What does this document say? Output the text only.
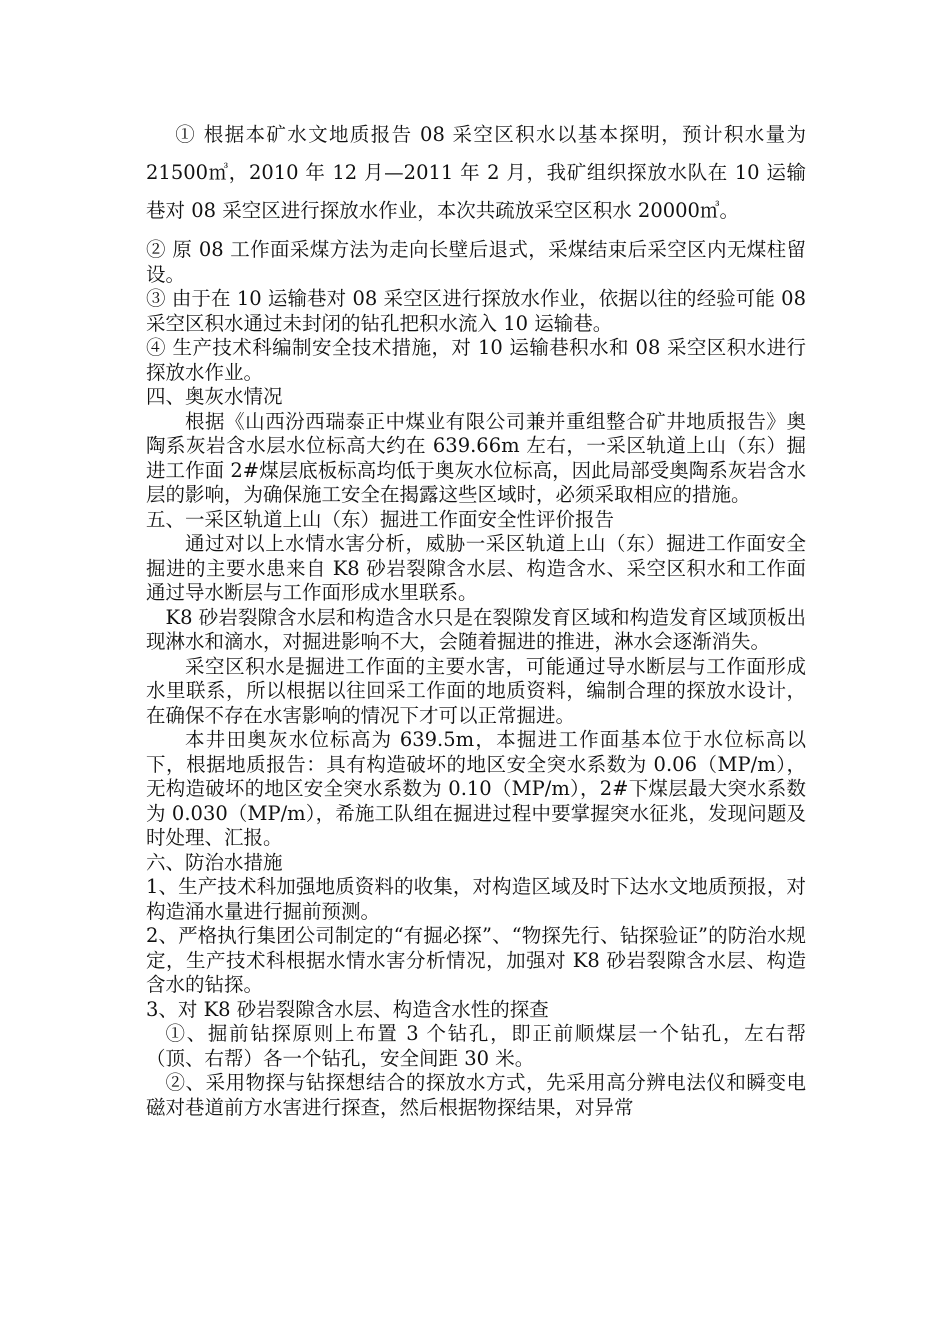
① 根据本矿水文地质报告 08 采空区积水以基本探明，预计积水量为 21500㎥，2010 年 12 月—2011 年 2 月，我矿组织探放水队在 10 运输巷对 08 采空区进行探放水作业，本次共疏放采空区积水 20000㎥。

② 原 08 工作面采煤方法为走向长壁后退式，采煤结束后采空区内无煤柱留设。

③ 由于在 10 运输巷对 08 采空区进行探放水作业，依据以往的经验可能 08 采空区积水通过未封闭的钻孔把积水流入 10 运输巷。

④ 生产技术科编制安全技术措施，对 10 运输巷积水和 08 采空区积水进行探放水作业。

四、奥灰水情况

根据《山西汾西瑞泰正中煤业有限公司兼并重组整合矿井地质报告》奥陶系灰岩含水层水位标高大约在 639.66m 左右，一采区轨道上山（东）掘进工作面 2#煤层底板标高均低于奥灰水位标高，因此局部受奥陶系灰岩含水层的影响，为确保施工安全在揭露这些区域时，必须采取相应的措施。

五、一采区轨道上山（东）掘进工作面安全性评价报告

通过对以上水情水害分析，威胁一采区轨道上山（东）掘进工作面安全掘进的主要水患来自 K8 砂岩裂隙含水层、构造含水、采空区积水和工作面通过导水断层与工作面形成水里联系。

K8 砂岩裂隙含水层和构造含水只是在裂隙发育区域和构造发育区域顶板出现淋水和滴水，对掘进影响不大，会随着掘进的推进，淋水会逐渐消失。

采空区积水是掘进工作面的主要水害，可能通过导水断层与工作面形成水里联系，所以根据以往回采工作面的地质资料，编制合理的探放水设计，在确保不存在水害影响的情况下才可以正常掘进。

本井田奥灰水位标高为 639.5m，本掘进工作面基本位于水位标高以下，根据地质报告：具有构造破坏的地区安全突水系数为 0.06（MP/m），无构造破坏的地区安全突水系数为 0.10（MP/m），2#下煤层最大突水系数为 0.030（MP/m），希施工队组在掘进过程中要掌握突水征兆，发现问题及时处理、汇报。

六、防治水措施

1、生产技术科加强地质资料的收集，对构造区域及时下达水文地质预报，对构造涌水量进行掘前预测。

2、严格执行集团公司制定的“有掘必探”、“物探先行、钻探验证”的防治水规定，生产技术科根据水情水害分析情况，加强对 K8 砂岩裂隙含水层、构造含水的钻探。

3、对 K8 砂岩裂隙含水层、构造含水性的探查

①、掘前钻探原则上布置 3 个钻孔，即正前顺煤层一个钻孔，左右帮（顶、右帮）各一个钻孔，安全间距 30 米。

②、采用物探与钻探想结合的探放水方式，先采用高分辨电法仪和瞬变电磁对巷道前方水害进行探查，然后根据物探结果，对异常
